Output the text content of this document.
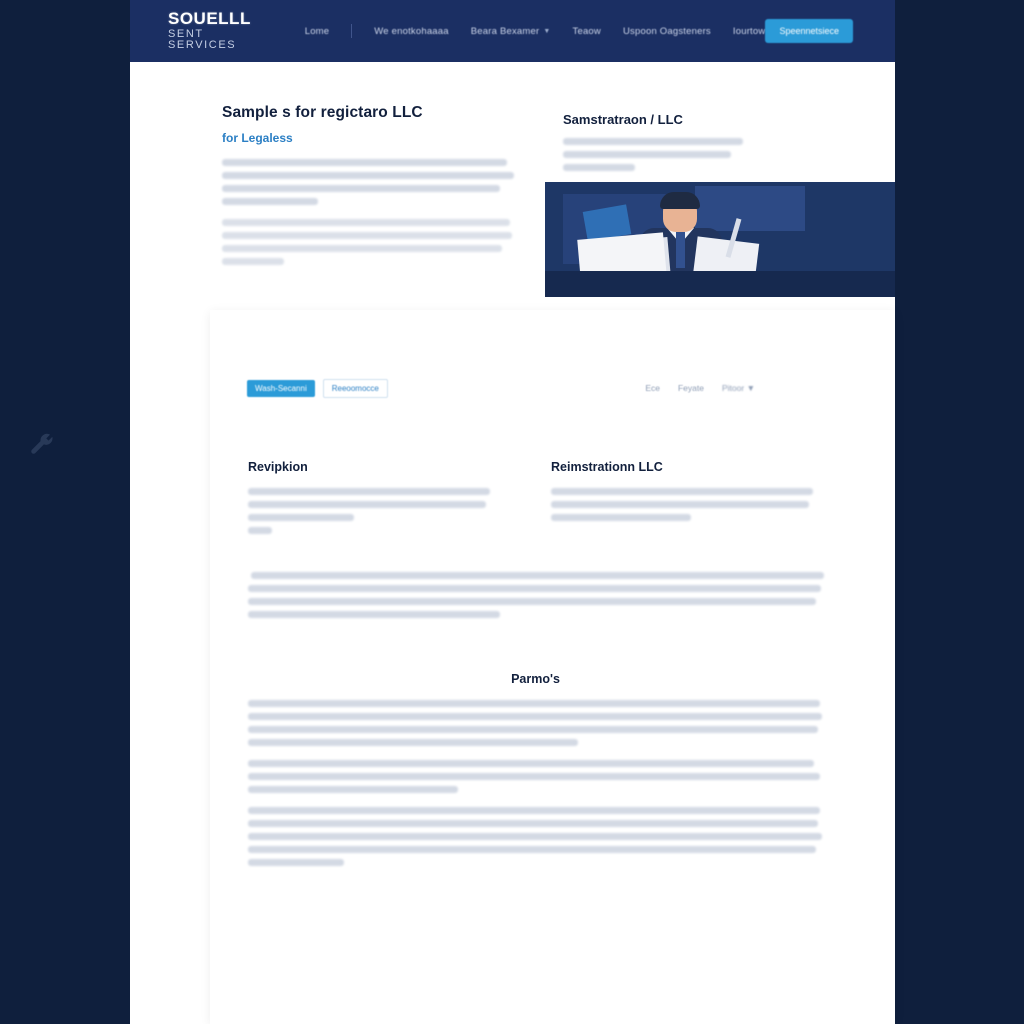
SOUELLL
SENT SERVICES
Lome	We enotkohaaaa Beara Bexamer ▼ Teaow Uspoon Oagsteners Iourtow	Speennetsiece
Sample s for regictaro LLC
for Legaless
Samstratraon / LLC
Wash-Secanni	Reeoomocce	Ece Feyate Pitoor ▼
Revipkion	Reimstrationn LLC
Parmo's
